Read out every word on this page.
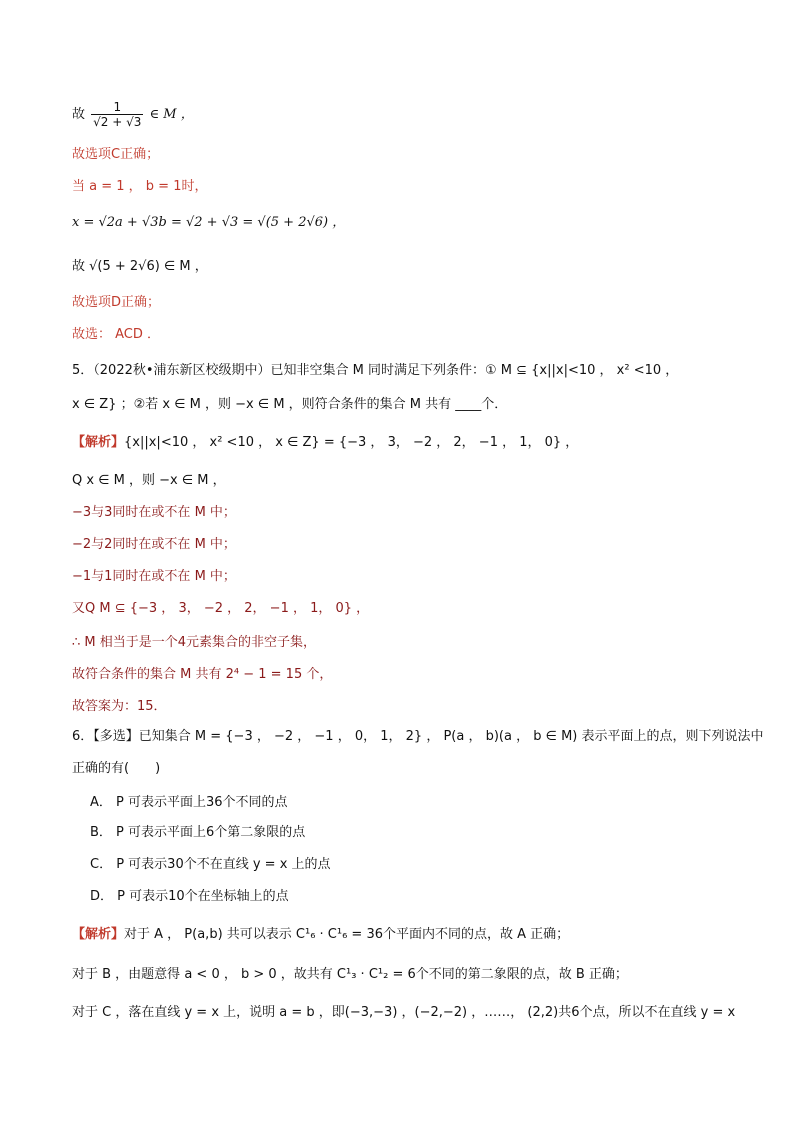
故 $\frac{1}{√2 + √3}$ ∈ M ，
故选项C正确；
当 a = 1 ， b = 1时，
x = √2a + √3b = √2 + √3 = √(5 + 2√6) ，
故 √(5 + 2√6) ∈ M ，
故选项D正确；
故选： ACD ．
5．（2022秋•浦东新区校级期中）已知非空集合 M 同时满足下列条件：① M ⊆ {x||x|<10 ， x² <10 ，
x ∈ Z} ；②若 x ∈ M ，则 −x ∈ M ，则符合条件的集合 M 共有 ____个．
【解析】{x||x|<10 ， x² <10 ， x ∈ Z} = {−3 ， 3， −2 ， 2， −1 ， 1， 0} ，
Q x ∈ M ，则 −x ∈ M ，
−3与3同时在或不在 M 中；
−2与2同时在或不在 M 中；
−1与1同时在或不在 M 中；
又Q M ⊆ {−3 ， 3， −2 ， 2， −1 ， 1， 0} ，
∴ M 相当于是一个4元素集合的非空子集，
故符合条件的集合 M 共有 2⁴ − 1 = 15 个，
故答案为：15．
6．【多选】已知集合 M = {−3 ， −2 ， −1 ， 0， 1， 2} ， P(a ， b)(a ， b ∈ M) 表示平面上的点，则下列说法中
正确的有(　　)
A． P 可表示平面上36个不同的点
B． P 可表示平面上6个第二象限的点
C． P 可表示30个不在直线 y = x 上的点
D． P 可表示10个在坐标轴上的点
【解析】对于 A ， P(a,b) 共可以表示 C¹₆ · C¹₆ = 36个平面内不同的点，故 A 正确；
对于 B ，由题意得 a < 0 ， b > 0 ，故共有 C¹₃ · C¹₂ = 6个不同的第二象限的点，故 B 正确；
对于 C ，落在直线 y = x 上，说明 a = b ，即(−3,−3) ，(−2,−2) ，……， (2,2)共6个点，所以不在直线 y = x
